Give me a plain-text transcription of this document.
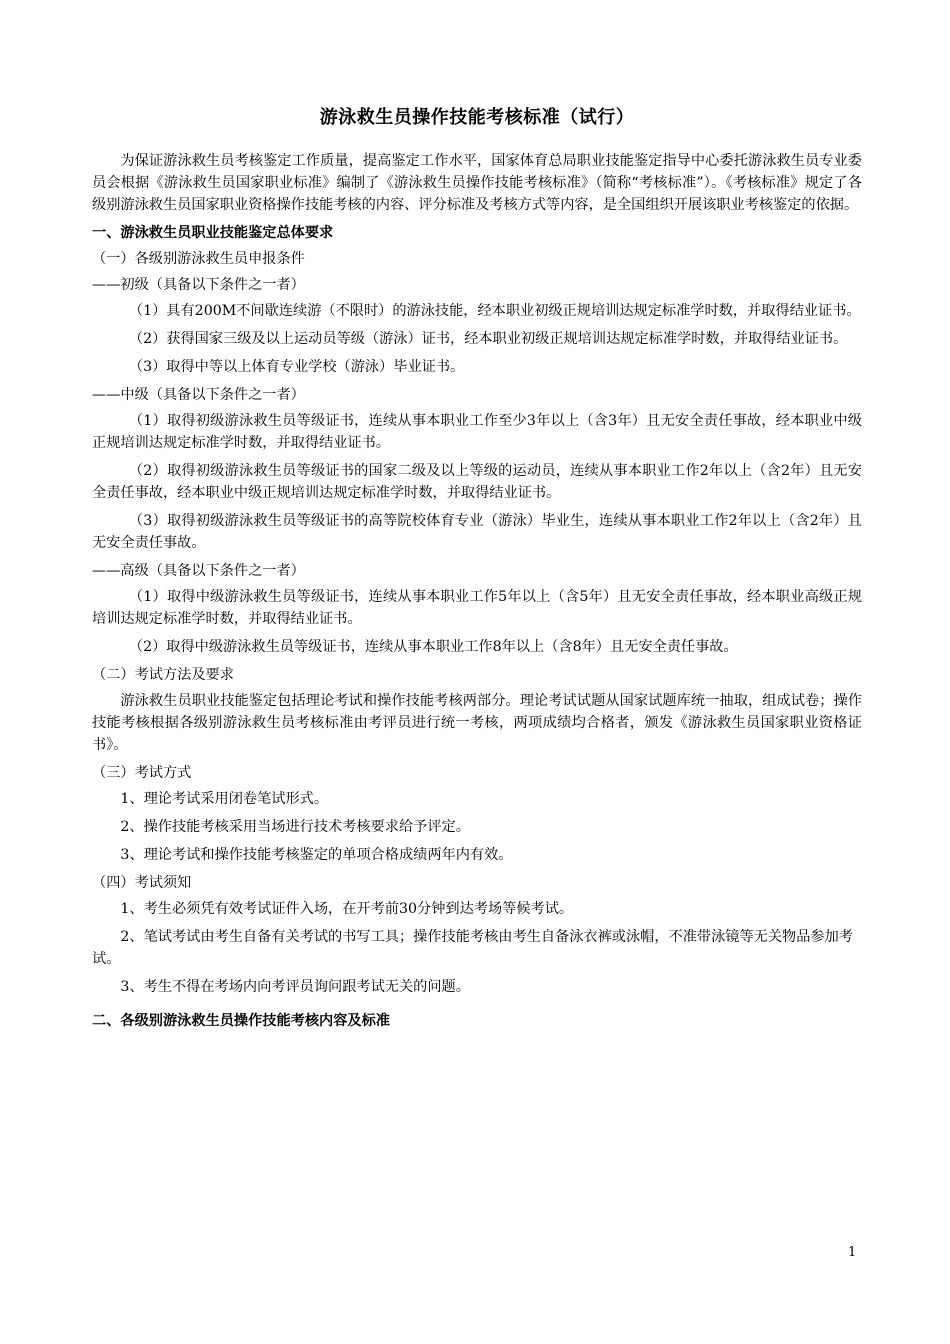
游泳救生员操作技能考核标准（试行）

为保证游泳救生员考核鉴定工作质量，提高鉴定工作水平，国家体育总局职业技能鉴定指导中心委托游泳救生员专业委员会根据《游泳救生员国家职业标准》编制了《游泳救生员操作技能考核标准》（简称“考核标准”）。《考核标准》规定了各级别游泳救生员国家职业资格操作技能考核的内容、评分标准及考核方式等内容，是全国组织开展该职业考核鉴定的依据。

一、游泳救生员职业技能鉴定总体要求
（一）各级别游泳救生员申报条件
——初级（具备以下条件之一者）

（1）具有200M不间歇连续游（不限时）的游泳技能，经本职业初级正规培训达规定标准学时数，并取得结业证书。

（2）获得国家三级及以上运动员等级（游泳）证书，经本职业初级正规培训达规定标准学时数，并取得结业证书。

（3）取得中等以上体育专业学校（游泳）毕业证书。

——中级（具备以下条件之一者）

（1）取得初级游泳救生员等级证书，连续从事本职业工作至少3年以上（含3年）且无安全责任事故，经本职业中级正规培训达规定标准学时数，并取得结业证书。

（2）取得初级游泳救生员等级证书的国家二级及以上等级的运动员，连续从事本职业工作2年以上（含2年）且无安全责任事故，经本职业中级正规培训达规定标准学时数，并取得结业证书。

（3）取得初级游泳救生员等级证书的高等院校体育专业（游泳）毕业生，连续从事本职业工作2年以上（含2年）且无安全责任事故。

——高级（具备以下条件之一者）

（1）取得中级游泳救生员等级证书，连续从事本职业工作5年以上（含5年）且无安全责任事故，经本职业高级正规培训达规定标准学时数，并取得结业证书。

（2）取得中级游泳救生员等级证书，连续从事本职业工作8年以上（含8年）且无安全责任事故。

（二）考试方法及要求

游泳救生员职业技能鉴定包括理论考试和操作技能考核两部分。理论考试试题从国家试题库统一抽取，组成试卷；操作技能考核根据各级别游泳救生员考核标准由考评员进行统一考核，两项成绩均合格者，颁发《游泳救生员国家职业资格证书》。

（三）考试方式

1、理论考试采用闭卷笔试形式。

2、操作技能考核采用当场进行技术考核要求给予评定。

3、理论考试和操作技能考核鉴定的单项合格成绩两年内有效。

（四）考试须知

1、考生必须凭有效考试证件入场，在开考前30分钟到达考场等候考试。

2、笔试考试由考生自备有关考试的书写工具；操作技能考核由考生自备泳衣裤或泳帽，不准带泳镜等无关物品参加考试。

3、考生不得在考场内向考评员询问跟考试无关的问题。

二、各级别游泳救生员操作技能考核内容及标准
1
